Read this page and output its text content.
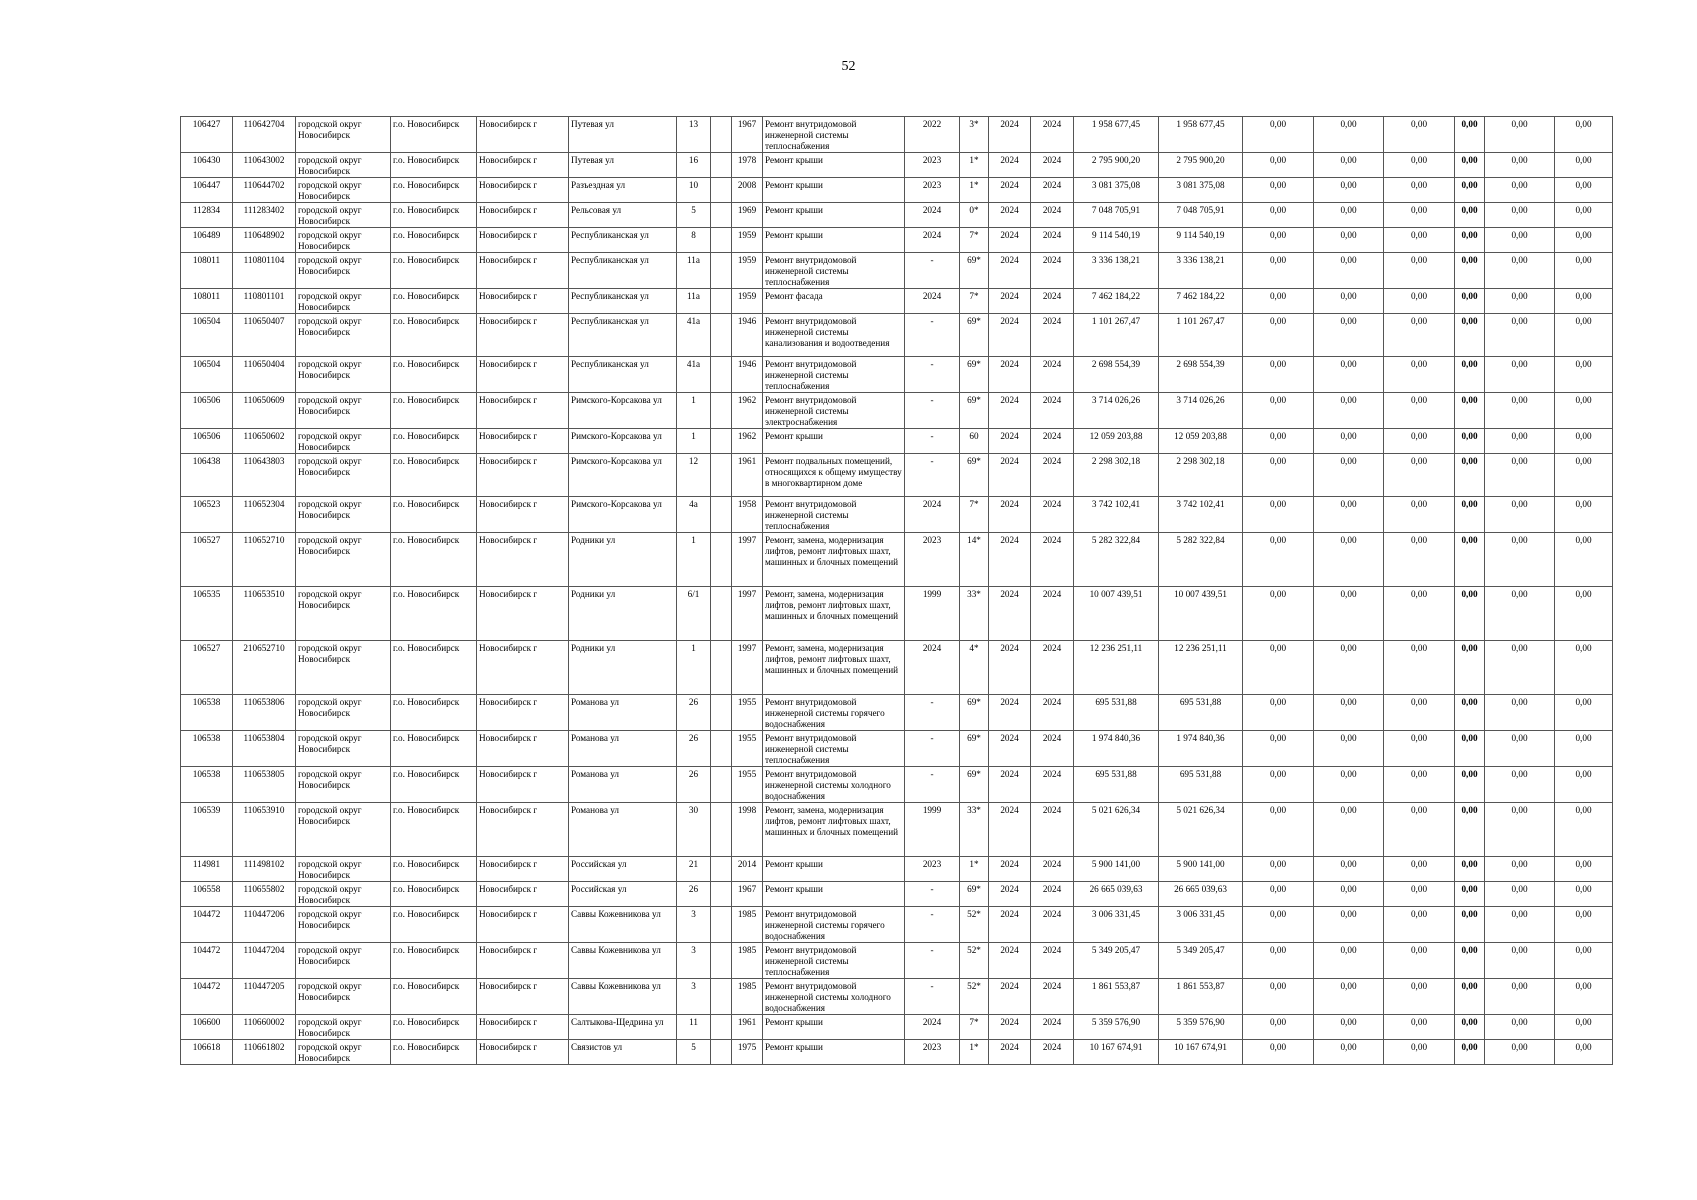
52
106427	110642704	городской округ Новосибирск	г.о. Новосибирск	Новосибирск г	Путевая ул	13		1967	Ремонт внутридомовой инженерной системы теплоснабжения	2022	3*	2024	2024	1 958 677,45	1 958 677,45	0,00	0,00	0,00	0,00	0,00	0,00
106430	110643002	городской округ Новосибирск	г.о. Новосибирск	Новосибирск г	Путевая ул	16		1978	Ремонт крыши	2023	1*	2024	2024	2 795 900,20	2 795 900,20	0,00	0,00	0,00	0,00	0,00	0,00
106447	110644702	городской округ Новосибирск	г.о. Новосибирск	Новосибирск г	Разъездная ул	10		2008	Ремонт крыши	2023	1*	2024	2024	3 081 375,08	3 081 375,08	0,00	0,00	0,00	0,00	0,00	0,00
112834	111283402	городской округ Новосибирск	г.о. Новосибирск	Новосибирск г	Рельсовая ул	5		1969	Ремонт крыши	2024	0*	2024	2024	7 048 705,91	7 048 705,91	0,00	0,00	0,00	0,00	0,00	0,00
106489	110648902	городской округ Новосибирск	г.о. Новосибирск	Новосибирск г	Республиканская ул	8		1959	Ремонт крыши	2024	7*	2024	2024	9 114 540,19	9 114 540,19	0,00	0,00	0,00	0,00	0,00	0,00
108011	110801104	городской округ Новосибирск	г.о. Новосибирск	Новосибирск г	Республиканская ул	11а		1959	Ремонт внутридомовой инженерной системы теплоснабжения	-	69*	2024	2024	3 336 138,21	3 336 138,21	0,00	0,00	0,00	0,00	0,00	0,00
108011	110801101	городской округ Новосибирск	г.о. Новосибирск	Новосибирск г	Республиканская ул	11а		1959	Ремонт фасада	2024	7*	2024	2024	7 462 184,22	7 462 184,22	0,00	0,00	0,00	0,00	0,00	0,00
106504	110650407	городской округ Новосибирск	г.о. Новосибирск	Новосибирск г	Республиканская ул	41а		1946	Ремонт внутридомовой инженерной системы канализования и водоотведения	-	69*	2024	2024	1 101 267,47	1 101 267,47	0,00	0,00	0,00	0,00	0,00	0,00
106504	110650404	городской округ Новосибирск	г.о. Новосибирск	Новосибирск г	Республиканская ул	41а		1946	Ремонт внутридомовой инженерной системы теплоснабжения	-	69*	2024	2024	2 698 554,39	2 698 554,39	0,00	0,00	0,00	0,00	0,00	0,00
106506	110650609	городской округ Новосибирск	г.о. Новосибирск	Новосибирск г	Римского-Корсакова ул	1		1962	Ремонт внутридомовой инженерной системы электроснабжения	-	69*	2024	2024	3 714 026,26	3 714 026,26	0,00	0,00	0,00	0,00	0,00	0,00
106506	110650602	городской округ Новосибирск	г.о. Новосибирск	Новосибирск г	Римского-Корсакова ул	1		1962	Ремонт крыши	-	60	2024	2024	12 059 203,88	12 059 203,88	0,00	0,00	0,00	0,00	0,00	0,00
106438	110643803	городской округ Новосибирск	г.о. Новосибирск	Новосибирск г	Римского-Корсакова ул	12		1961	Ремонт подвальных помещений, относящихся к общему имуществу в многоквартирном доме	-	69*	2024	2024	2 298 302,18	2 298 302,18	0,00	0,00	0,00	0,00	0,00	0,00
106523	110652304	городской округ Новосибирск	г.о. Новосибирск	Новосибирск г	Римского-Корсакова ул	4а		1958	Ремонт внутридомовой инженерной системы теплоснабжения	2024	7*	2024	2024	3 742 102,41	3 742 102,41	0,00	0,00	0,00	0,00	0,00	0,00
106527	110652710	городской округ Новосибирск	г.о. Новосибирск	Новосибирск г	Родники ул	1		1997	Ремонт, замена, модернизация лифтов, ремонт лифтовых шахт, машинных и блочных помещений	2023	14*	2024	2024	5 282 322,84	5 282 322,84	0,00	0,00	0,00	0,00	0,00	0,00
106535	110653510	городской округ Новосибирск	г.о. Новосибирск	Новосибирск г	Родники ул	6/1		1997	Ремонт, замена, модернизация лифтов, ремонт лифтовых шахт, машинных и блочных помещений	1999	33*	2024	2024	10 007 439,51	10 007 439,51	0,00	0,00	0,00	0,00	0,00	0,00
106527	210652710	городской округ Новосибирск	г.о. Новосибирск	Новосибирск г	Родники ул	1		1997	Ремонт, замена, модернизация лифтов, ремонт лифтовых шахт, машинных и блочных помещений	2024	4*	2024	2024	12 236 251,11	12 236 251,11	0,00	0,00	0,00	0,00	0,00	0,00
106538	110653806	городской округ Новосибирск	г.о. Новосибирск	Новосибирск г	Романова ул	26		1955	Ремонт внутридомовой инженерной системы горячего водоснабжения	-	69*	2024	2024	695 531,88	695 531,88	0,00	0,00	0,00	0,00	0,00	0,00
106538	110653804	городской округ Новосибирск	г.о. Новосибирск	Новосибирск г	Романова ул	26		1955	Ремонт внутридомовой инженерной системы теплоснабжения	-	69*	2024	2024	1 974 840,36	1 974 840,36	0,00	0,00	0,00	0,00	0,00	0,00
106538	110653805	городской округ Новосибирск	г.о. Новосибирск	Новосибирск г	Романова ул	26		1955	Ремонт внутридомовой инженерной системы холодного водоснабжения	-	69*	2024	2024	695 531,88	695 531,88	0,00	0,00	0,00	0,00	0,00	0,00
106539	110653910	городской округ Новосибирск	г.о. Новосибирск	Новосибирск г	Романова ул	30		1998	Ремонт, замена, модернизация лифтов, ремонт лифтовых шахт, машинных и блочных помещений	1999	33*	2024	2024	5 021 626,34	5 021 626,34	0,00	0,00	0,00	0,00	0,00	0,00
114981	111498102	городской округ Новосибирск	г.о. Новосибирск	Новосибирск г	Российская ул	21		2014	Ремонт крыши	2023	1*	2024	2024	5 900 141,00	5 900 141,00	0,00	0,00	0,00	0,00	0,00	0,00
106558	110655802	городской округ Новосибирск	г.о. Новосибирск	Новосибирск г	Российская ул	26		1967	Ремонт крыши	-	69*	2024	2024	26 665 039,63	26 665 039,63	0,00	0,00	0,00	0,00	0,00	0,00
104472	110447206	городской округ Новосибирск	г.о. Новосибирск	Новосибирск г	Саввы Кожевникова ул	3		1985	Ремонт внутридомовой инженерной системы горячего водоснабжения	-	52*	2024	2024	3 006 331,45	3 006 331,45	0,00	0,00	0,00	0,00	0,00	0,00
104472	110447204	городской округ Новосибирск	г.о. Новосибирск	Новосибирск г	Саввы Кожевникова ул	3		1985	Ремонт внутридомовой инженерной системы теплоснабжения	-	52*	2024	2024	5 349 205,47	5 349 205,47	0,00	0,00	0,00	0,00	0,00	0,00
104472	110447205	городской округ Новосибирск	г.о. Новосибирск	Новосибирск г	Саввы Кожевникова ул	3		1985	Ремонт внутридомовой инженерной системы холодного водоснабжения	-	52*	2024	2024	1 861 553,87	1 861 553,87	0,00	0,00	0,00	0,00	0,00	0,00
106600	110660002	городской округ Новосибирск	г.о. Новосибирск	Новосибирск г	Салтыкова-Щедрина ул	11		1961	Ремонт крыши	2024	7*	2024	2024	5 359 576,90	5 359 576,90	0,00	0,00	0,00	0,00	0,00	0,00
106618	110661802	городской округ Новосибирск	г.о. Новосибирск	Новосибирск г	Связистов ул	5		1975	Ремонт крыши	2023	1*	2024	2024	10 167 674,91	10 167 674,91	0,00	0,00	0,00	0,00	0,00	0,00
